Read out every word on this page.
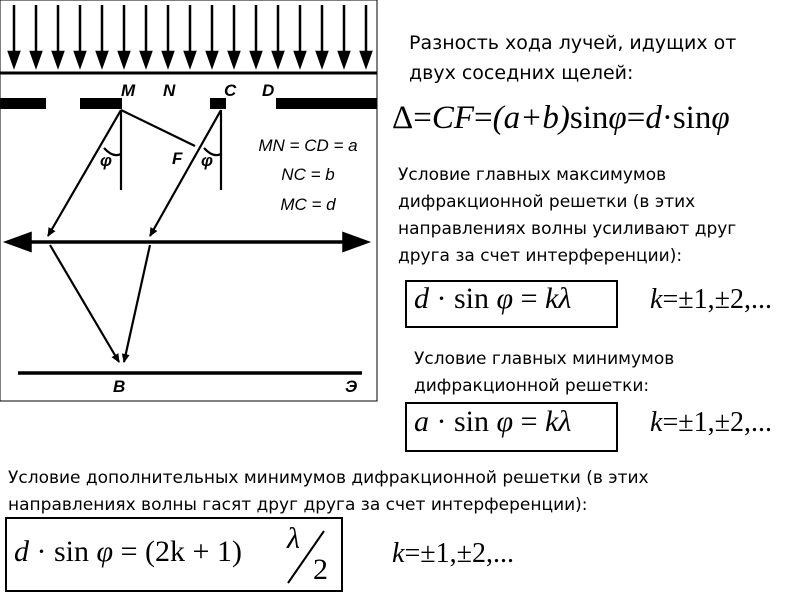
M N	C D
F
φ	φ
B	Э
MN = CD = a
NC = b
MC = d
Разность хода лучей, идущих от
двух соседних щелей:
Δ=CF=(a+b)sinφ=d·sinφ
Условие главных максимумов
дифракционной решетки (в этих
направлениях волны усиливают друг
друга за счет интерференции):
d · sin φ = kλ	k=±1,±2,...
Условие главных минимумов
дифракционной решетки:
a · sin φ = kλ	k=±1,±2,...
Условие дополнительных минимумов дифракционной решетки (в этих
направлениях волны гасят друг друга за счет интерференции):
d · sin φ = (2k + 1) λ
2 k=±1,±2,...
